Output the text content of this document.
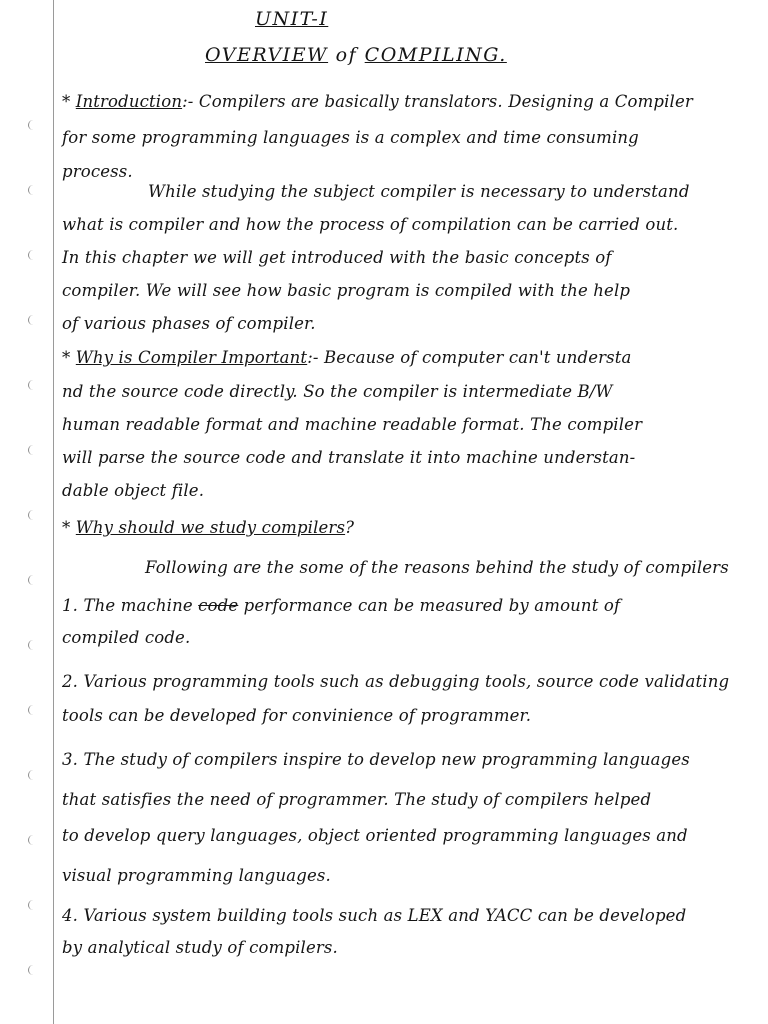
UNIT-I
OVERVIEW of COMPILING.
* Introduction:- Compilers are basically translators. Designing a Compiler
for some programming languages is a complex and time consuming
process.
While studying the subject compiler is necessary to understand
what is compiler and how the process of compilation can be carried out.
In this chapter we will get introduced with the basic concepts of
compiler. We will see how basic program is compiled with the help
of various phases of compiler.
* Why is Compiler Important:- Because of computer can't understa
nd the source code directly. So the compiler is intermediate B/W
human readable format and machine readable format. The compiler
will parse the source code and translate it into machine understan-
dable object file.
* Why should we study compilers?
Following are the some of the reasons behind the study of compilers
1. The machine code performance can be measured by amount of
compiled code.
2. Various programming tools such as debugging tools, source code validating
tools can be developed for convinience of programmer.
3. The study of compilers inspire to develop new programming languages
that satisfies the need of programmer. The study of compilers helped
to develop query languages, object oriented programming languages and
visual programming languages.
4. Various system building tools such as LEX and YACC can be developed
by analytical study of compilers.
